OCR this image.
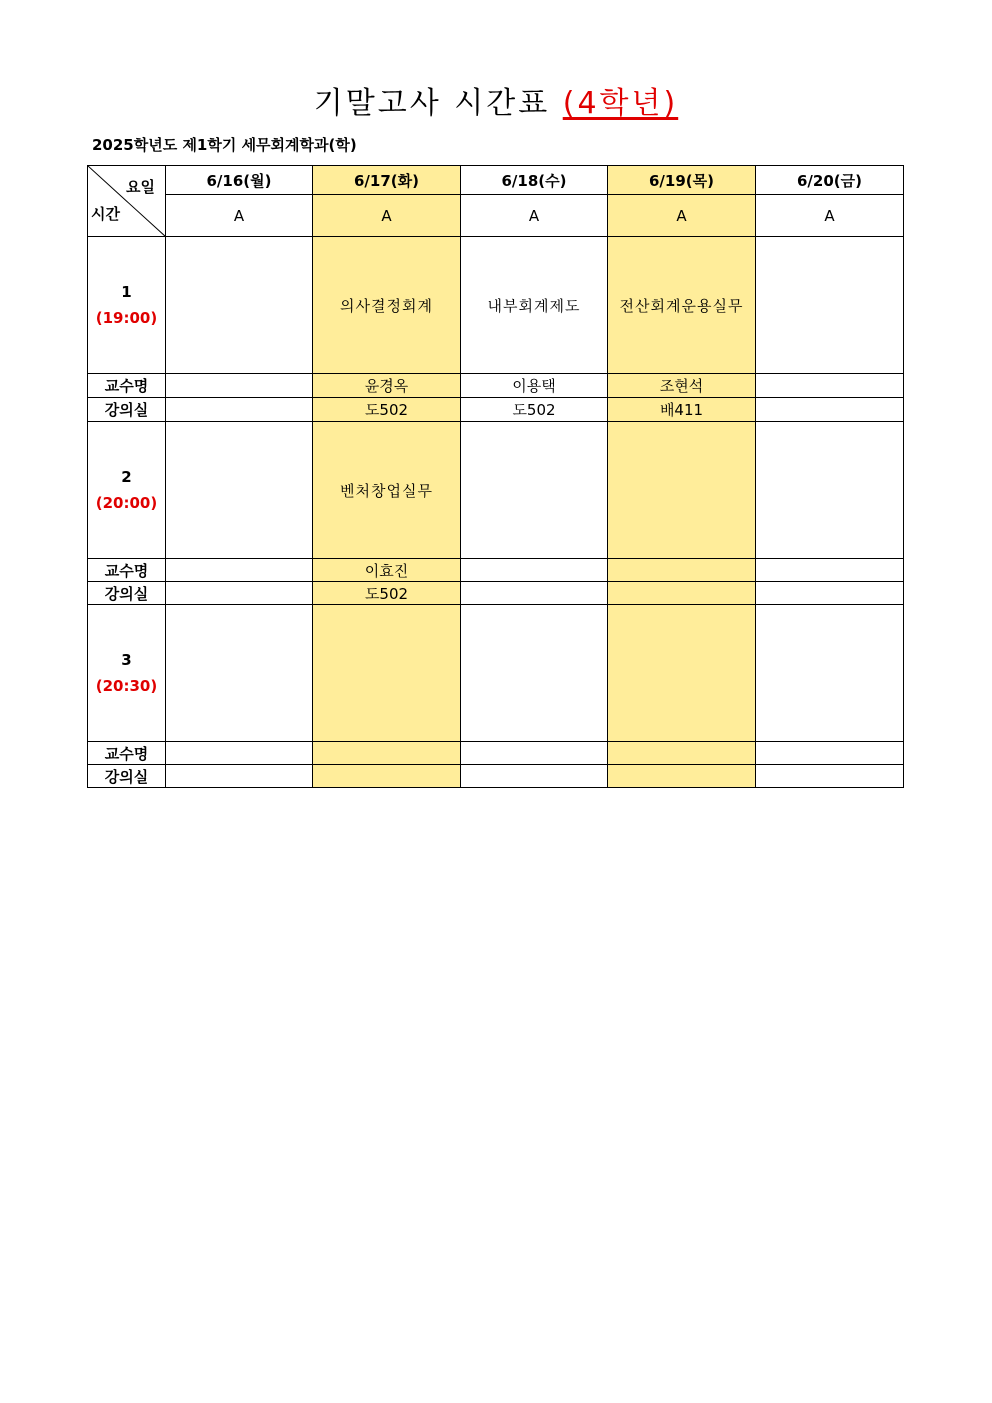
기말고사 시간표 (4학년)
2025학년도 제1학기 세무회계학과(학)
요일
시간	6/16(월)	6/17(화)	6/18(수)	6/19(목)	6/20(금)
	A	A	A	A	A

1
(19:00)		의사결정회계	내부회계제도	전산회계운용실무	
교수명		윤경옥	이용택	조현석	
강의실		도502	도502	배411	

2
(20:00)		벤처창업실무			
교수명		이효진			
강의실		도502			

3
(20:30)					

교수명					
강의실					
